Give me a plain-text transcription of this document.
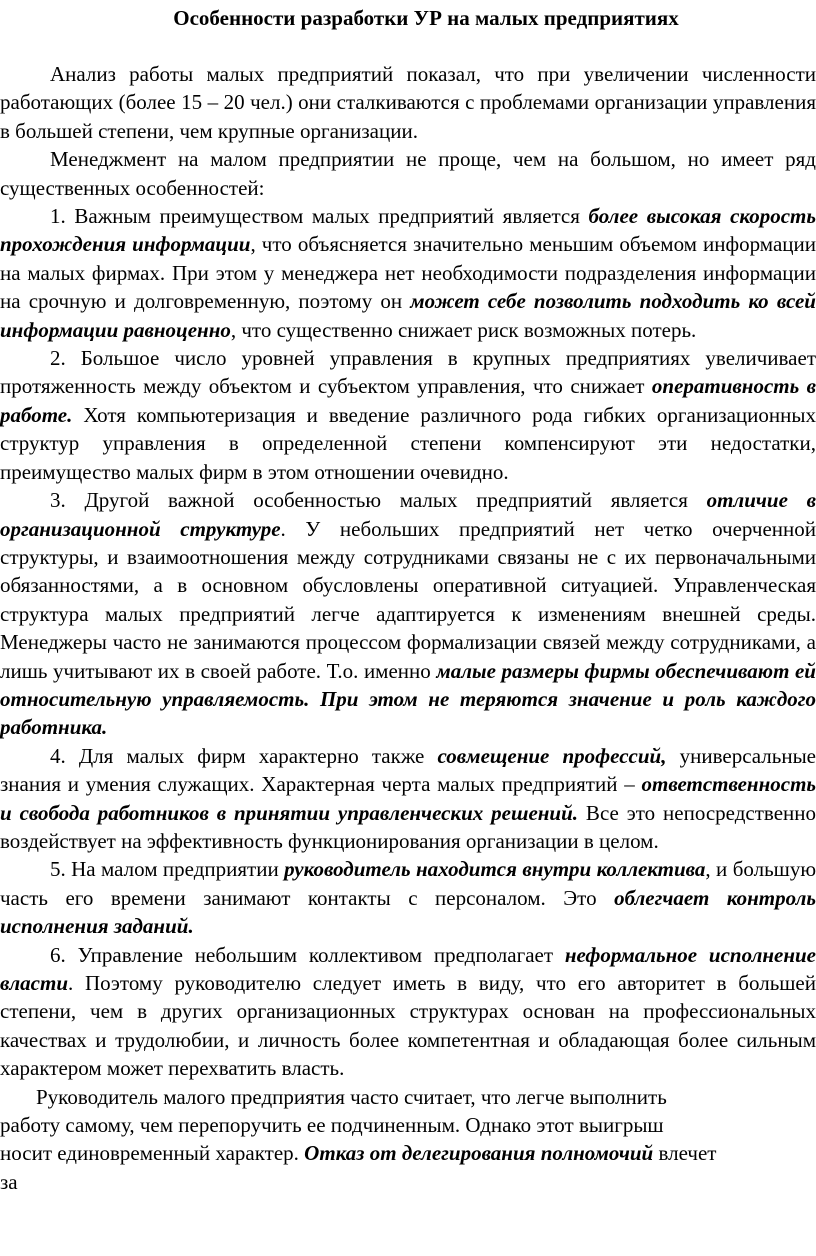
Особенности разработки УР на малых предприятиях

Анализ работы малых предприятий показал, что при увеличении численности работающих (более 15 – 20 чел.) они сталкиваются с проблемами организации управления в большей степени, чем крупные организации.

Менеджмент на малом предприятии не проще, чем на большом, но имеет ряд существенных особенностей:

1. Важным преимуществом малых предприятий является более высокая скорость прохождения информации, что объясняется значительно меньшим объемом информации на малых фирмах. При этом у менеджера нет необходимости подразделения информации на срочную и долговременную, поэтому он может себе позволить подходить ко всей информации равноценно, что существенно снижает риск возможных потерь.

2. Большое число уровней управления в крупных предприятиях увеличивает протяженность между объектом и субъектом управления, что снижает оперативность в работе. Хотя компьютеризация и введение различного рода гибких организационных структур управления в определенной степени компенсируют эти недостатки, преимущество малых фирм в этом отношении очевидно.

3. Другой важной особенностью малых предприятий является отличие в организационной структуре. У небольших предприятий нет четко очерченной структуры, и взаимоотношения между сотрудниками связаны не с их первоначальными обязанностями, а в основном обусловлены оперативной ситуацией. Управленческая структура малых предприятий легче адаптируется к изменениям внешней среды. Менеджеры часто не занимаются процессом формализации связей между сотрудниками, а лишь учитывают их в своей работе. Т.о. именно малые размеры фирмы обеспечивают ей относительную управляемость. При этом не теряются значение и роль каждого работника.

4. Для малых фирм характерно также совмещение профессий, универсальные знания и умения служащих. Характерная черта малых предприятий – ответственность и свобода работников в принятии управленческих решений. Все это непосредственно воздействует на эффективность функционирования организации в целом.

5. На малом предприятии руководитель находится внутри коллектива, и большую часть его времени занимают контакты с персоналом. Это облегчает контроль исполнения заданий.

6. Управление небольшим коллективом предполагает неформальное исполнение власти. Поэтому руководителю следует иметь в виду, что его авторитет в большей степени, чем в других организационных структурах основан на профессиональных качествах и трудолюбии, и личность более компетентная и обладающая более сильным характером может перехватить власть.

Руководитель малого предприятия часто считает, что легче выполнить

работу самому, чем перепоручить ее подчиненным. Однако этот выигрыш

носит единовременный характер. Отказ от делегирования полномочий влечет

за
